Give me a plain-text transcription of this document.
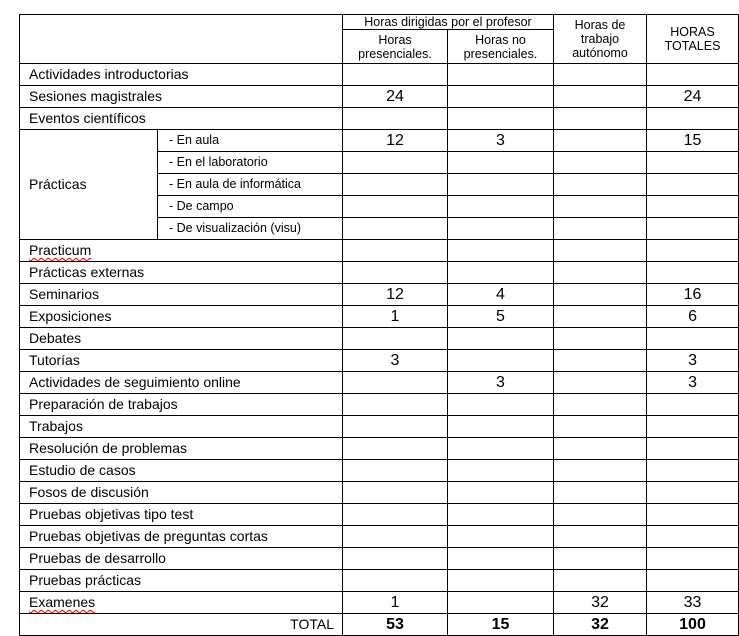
		Horas dirigidas por el profesor		Horas de trabajo autónomo	HORAS TOTALES
		Horas presenciales.	Horas no presenciales.		
Actividades introductorias					
Sesiones magistrales		24			24
Eventos científicos					
Prácticas	- En aula	12	3		15
	- En el laboratorio				
	- En aula de informática				
	- De campo				
	- De visualización (visu)				
Practicum					
Prácticas externas					
Seminarios		12	4		16
Exposiciones		1	5		6
Debates					
Tutorías		3			3
Actividades de seguimiento online			3		3
Preparación de trabajos					
Trabajos					
Resolución de problemas					
Estudio de casos					
Fosos de discusión					
Pruebas objetivas tipo test					
Pruebas objetivas de preguntas cortas					
Pruebas de desarrollo					
Pruebas prácticas					
Examenes		1		32	33
TOTAL		53	15	32	100
